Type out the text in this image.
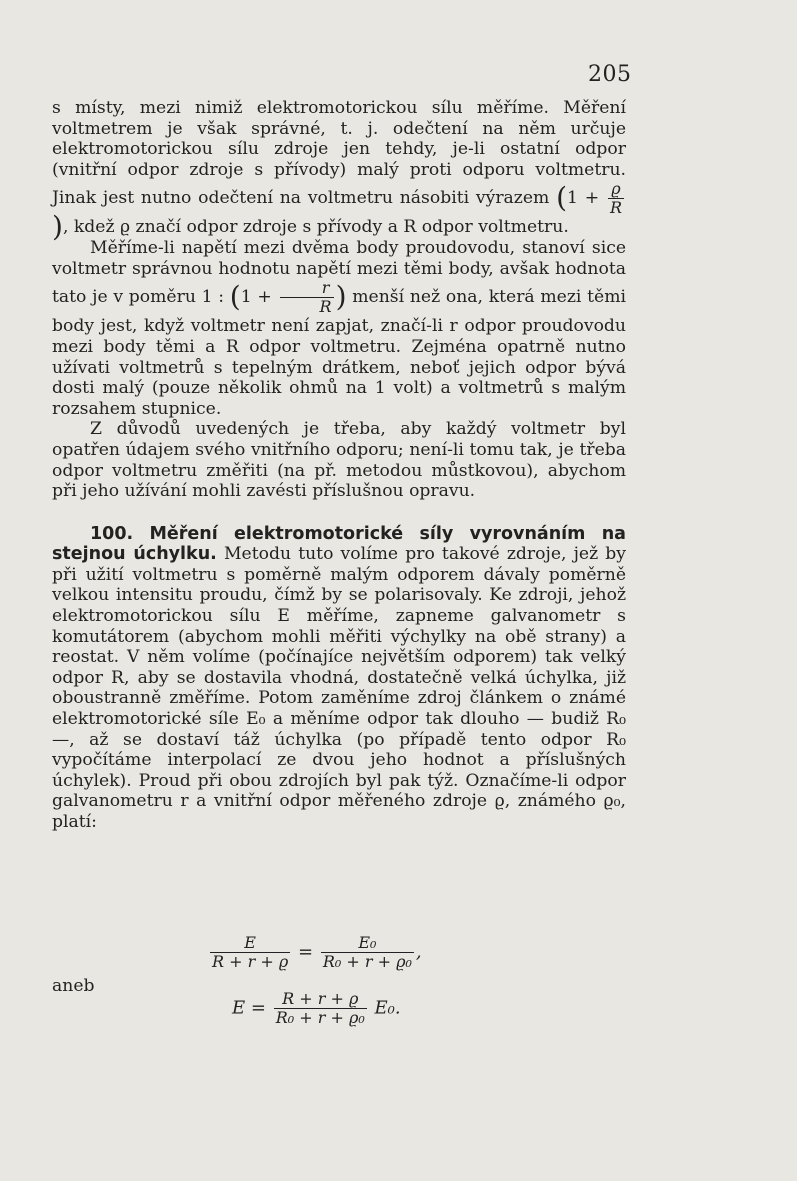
205

s místy, mezi nimiž elektromotorickou sílu měříme. Měření voltmetrem je však správné, t. j. odečtení na něm určuje elektromotorickou sílu zdroje jen tehdy, je-li ostatní odpor (vnitřní odpor zdroje s přívody) malý proti odporu voltmetru. Jinak jest nutno odečtení na voltmetru násobiti výrazem ($1 + \frac{ϱ}{R}$
), kdež ϱ značí odpor zdroje s přívody a R odpor voltmetru.

Měříme-li napětí mezi dvěma body proudovodu, stanoví sice voltmetr správnou hodnotu napětí mezi těmi body, avšak hodnota tato je v poměru 1 : ($1 + \frac{r}{R}$ ) menší než ona, která mezi těmi body jest, když voltmetr není zapjat, značí-li r odpor proudovodu mezi body těmi a R odpor voltmetru. Zejména opatrně nutno užívati voltmetrů s tepelným drátkem, neboť jejich odpor bývá dosti malý (pouze několik ohmů na 1 volt) a voltmetrů s malým rozsahem stupnice.

Z důvodů uvedených je třeba, aby každý voltmetr byl opatřen údajem svého vnitřního odporu; není-li tomu tak, je třeba odpor voltmetru změřiti (na př. metodou můstkovou), abychom při jeho užívání mohli zavésti příslušnou opravu.

100. Měření elektromotorické síly vyrovnáním na stejnou úchylku. Metodu tuto volíme pro takové zdroje, jež by při užití voltmetru s poměrně malým odporem dávaly poměrně velkou intensitu proudu, čímž by se polarisovaly. Ke zdroji, jehož elektromotorickou sílu E měříme, zapneme galvanometr s komutátorem (abychom mohli měřiti výchylky na obě strany) a reostat. V něm volíme (počínajíce největším odporem) tak velký odpor R, aby se dostavila vhodná, dostatečně velká úchylka, již oboustranně změříme. Potom zaměníme zdroj článkem o známé elektromotorické síle E₀ a měníme odpor tak dlouho — budiž R₀ —, až se dostaví táž úchylka (po případě tento odpor R₀ vypočítáme interpolací ze dvou jeho hodnot a příslušných úchylek). Proud při obou zdrojích byl pak týž. Označíme-li odpor galvanometru r a vnitřní odpor měřeného zdroje ϱ, známého ϱ₀, platí:

$\frac{E}{R + r + ϱ} = \frac{\text{E₀}}{\text{R₀ + r + ϱ₀}}$ ,
aneb
$E = \frac{R + r + ϱ}{\text{R₀ + r + ϱ₀}} E_0$.
